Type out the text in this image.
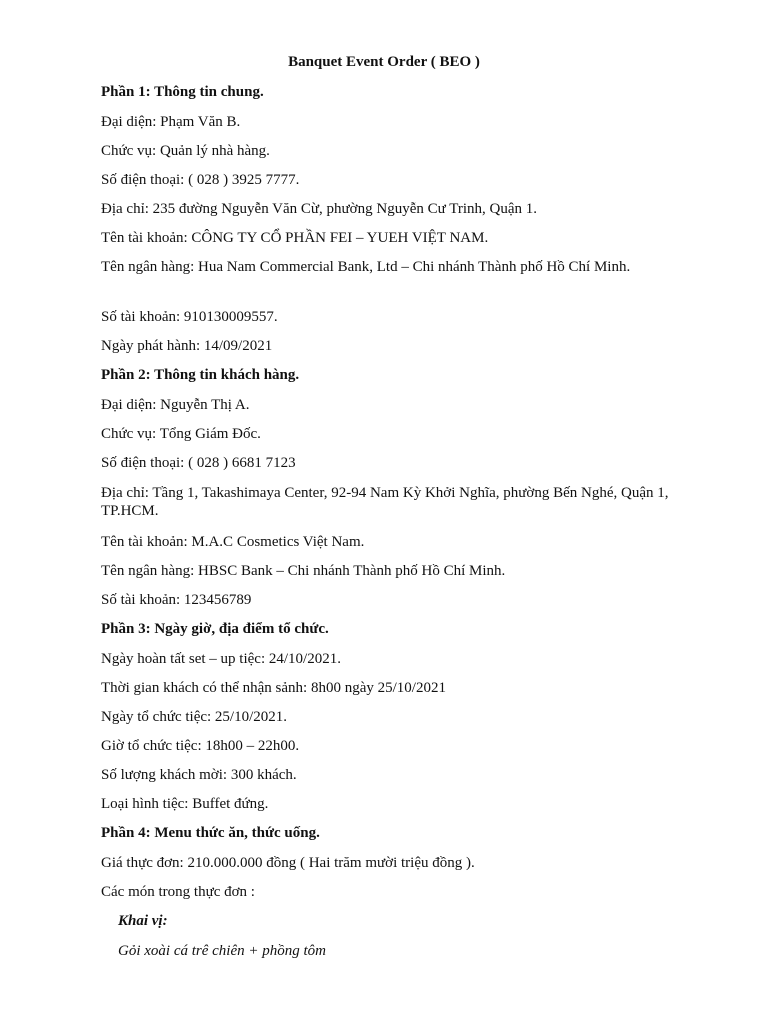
Banquet Event Order ( BEO )
Phần 1: Thông tin chung.
Đại diện: Phạm Văn B.
Chức vụ: Quản lý nhà hàng.
Số điện thoại: ( 028 ) 3925 7777.
Địa chỉ: 235 đường Nguyễn Văn Cừ, phường Nguyễn Cư Trinh, Quận 1.
Tên tài khoản: CÔNG TY CỔ PHẦN FEI – YUEH VIỆT NAM.
Tên ngân hàng: Hua Nam Commercial Bank, Ltd – Chi nhánh Thành phố Hồ Chí Minh.
Số tài khoản: 910130009557.
Ngày phát hành: 14/09/2021
Phần 2: Thông tin khách hàng.
Đại diện: Nguyễn Thị A.
Chức vụ: Tổng Giám Đốc.
Số điện thoại: ( 028 ) 6681 7123
Địa chỉ: Tầng 1, Takashimaya Center, 92-94 Nam Kỳ Khởi Nghĩa, phường Bến Nghé, Quận 1, TP.HCM.
Tên tài khoản: M.A.C Cosmetics Việt Nam.
Tên ngân hàng: HBSC Bank – Chi nhánh Thành phố Hồ Chí Minh.
Số tài khoản: 123456789
Phần 3: Ngày giờ, địa điểm tổ chức.
Ngày hoàn tất set – up tiệc: 24/10/2021.
Thời gian khách có thể nhận sảnh: 8h00 ngày 25/10/2021
Ngày tổ chức tiệc: 25/10/2021.
Giờ tổ chức tiệc: 18h00 – 22h00.
Số lượng khách mời: 300 khách.
Loại hình tiệc: Buffet đứng.
Phần 4: Menu thức ăn, thức uống.
Giá thực đơn: 210.000.000 đồng ( Hai trăm mười triệu đồng ).
Các món trong thực đơn :
Khai vị:
Gỏi xoài cá trê chiên + phồng tôm
